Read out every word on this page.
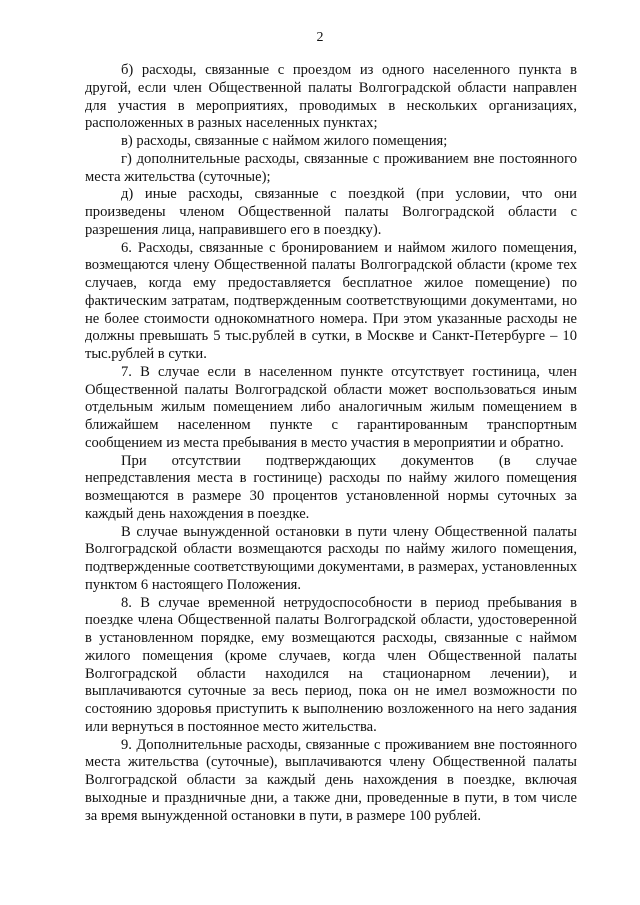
2

б) расходы, связанные с проездом из одного населенного пункта в другой, если член Общественной палаты Волгоградской области направлен для участия в мероприятиях, проводимых в нескольких организациях, расположенных в разных населенных пунктах;

в) расходы, связанные с наймом жилого помещения;

г) дополнительные расходы, связанные с проживанием вне постоянного места жительства (суточные);

д) иные расходы, связанные с поездкой (при условии, что они произведены членом Общественной палаты Волгоградской области с разрешения лица, направившего его в поездку).

6. Расходы, связанные с бронированием и наймом жилого помещения, возмещаются члену Общественной палаты Волгоградской области (кроме тех случаев, когда ему предоставляется бесплатное жилое помещение) по фактическим затратам, подтвержденным соответствующими документами, но не более стоимости однокомнатного номера. При этом указанные расходы не должны превышать 5 тыс.рублей в сутки, в Москве и Санкт-Петербурге – 10 тыс.рублей в сутки.

7. В случае если в населенном пункте отсутствует гостиница, член Общественной палаты Волгоградской области может воспользоваться иным отдельным жилым помещением либо аналогичным жилым помещением в ближайшем населенном пункте с гарантированным транспортным сообщением из места пребывания в место участия в мероприятии и обратно.

При отсутствии подтверждающих документов (в случае непредставления места в гостинице) расходы по найму жилого помещения возмещаются в размере 30 процентов установленной нормы суточных за каждый день нахождения в поездке.

В случае вынужденной остановки в пути члену Общественной палаты Волгоградской области возмещаются расходы по найму жилого помещения, подтвержденные соответствующими документами, в размерах, установленных пунктом 6 настоящего Положения.

8. В случае временной нетрудоспособности в период пребывания в поездке члена Общественной палаты Волгоградской области, удостоверенной в установленном порядке, ему возмещаются расходы, связанные с наймом жилого помещения (кроме случаев, когда член Общественной палаты Волгоградской области находился на стационарном лечении), и выплачиваются суточные за весь период, пока он не имел возможности по состоянию здоровья приступить к выполнению возложенного на него задания или вернуться в постоянное место жительства.

9. Дополнительные расходы, связанные с проживанием вне постоянного места жительства (суточные), выплачиваются члену Общественной палаты Волгоградской области за каждый день нахождения в поездке, включая выходные и праздничные дни, а также дни, проведенные в пути, в том числе за время вынужденной остановки в пути, в размере 100 рублей.
